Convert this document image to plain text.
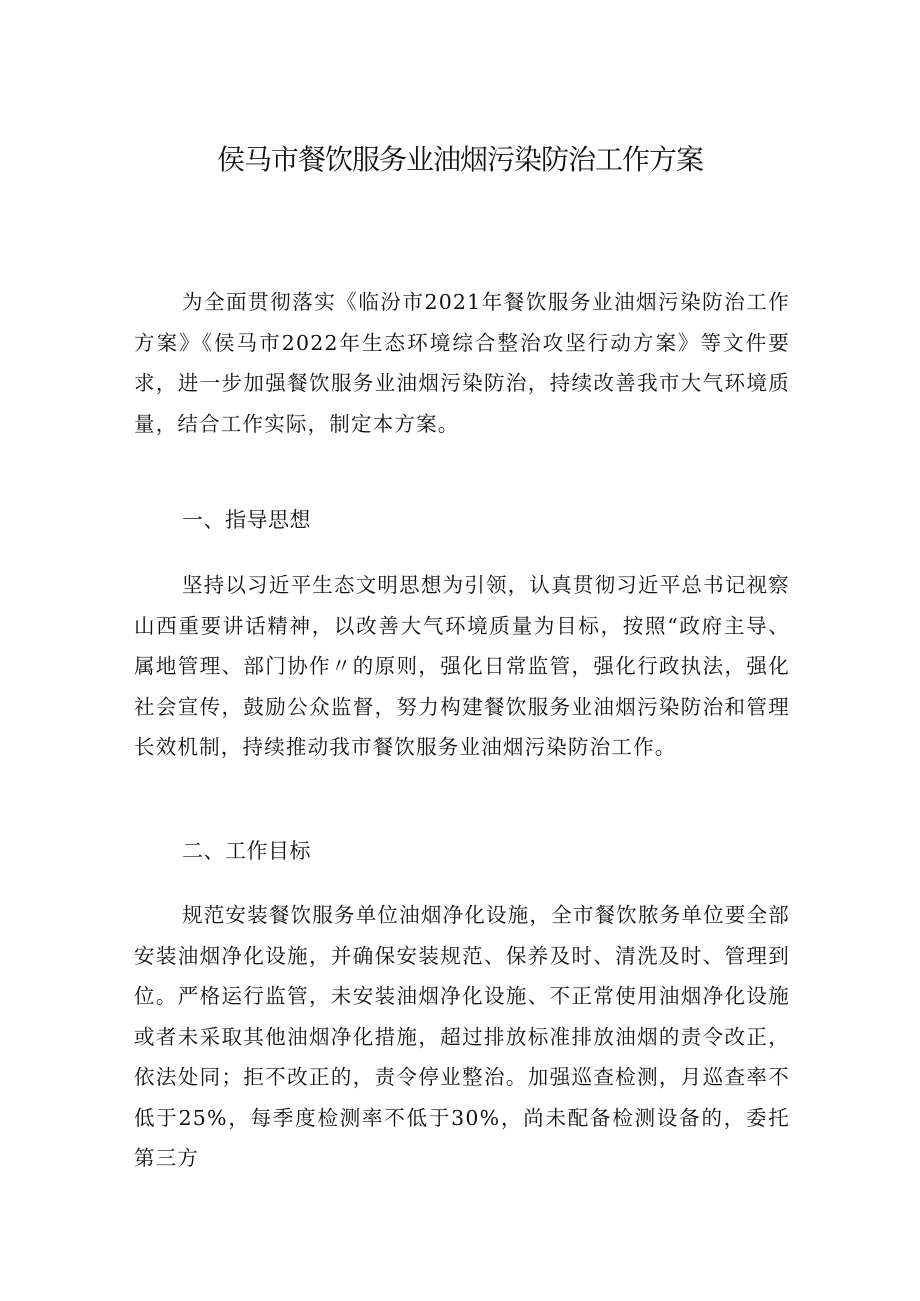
侯马市餐饮服务业油烟污染防治工作方案

为全面贯彻落实《临汾市2021年餐饮服务业油烟污染防治工作方案》《侯马市2022年生态环境综合整治攻坚行动方案》等文件要求，进一步加强餐饮服务业油烟污染防治，持续改善我市大气环境质量，结合工作实际，制定本方案。

一、指导思想

坚持以习近平生态文明思想为引领，认真贯彻习近平总书记视察山西重要讲话精神，以改善大气环境质量为目标，按照“政府主导、属地管理、部门协作〃的原则，强化日常监管，强化行政执法，强化社会宣传，鼓励公众监督，努力构建餐饮服务业油烟污染防治和管理长效机制，持续推动我市餐饮服务业油烟污染防治工作。

二、工作目标

规范安装餐饮服务单位油烟净化设施，全市餐饮脓务单位要全部安装油烟净化设施，并确保安装规范、保养及时、清洗及时、管理到位。严格运行监管，未安装油烟净化设施、不正常使用油烟净化设施或者未采取其他油烟净化措施，超过排放标准排放油烟的责令改正，依法处同；拒不改正的，责令停业整治。加强巡查检测，月巡查率不低于25%，每季度检测率不低于30%，尚未配备检测设备的，委托第三方
